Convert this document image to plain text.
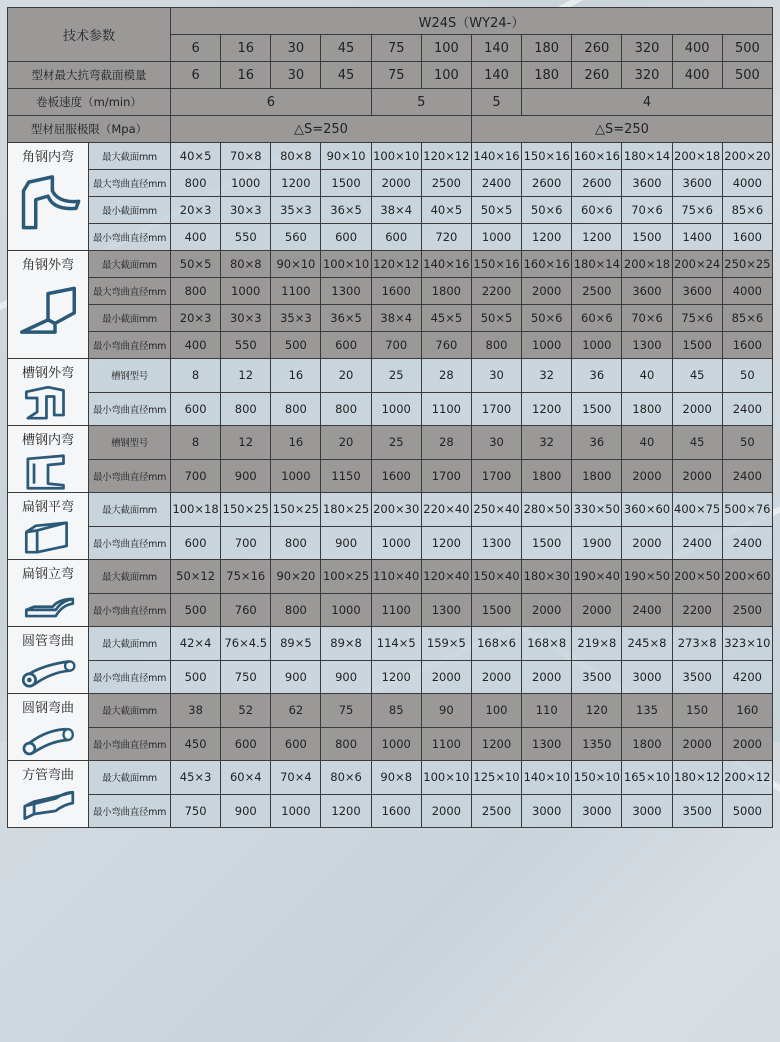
技术参数		W24S（WY24-）											
		6	16	30	45	75	100	140	180	260	320	400	500
型材最大抗弯截面模量		6	16	30	45	75	100	140	180	260	320	400	500
卷板速度（m/min）		6				5		5	4				
型材屈服极限（Mpa）		△S=250						△S=250					

角钢内弯	最大截面mm	40×5	70×8	80×8	90×10	100×10	120×12	140×16	150×16	160×16	180×14	200×18	200×20
	最大弯曲直径mm	800	1000	1200	1500	2000	2500	2400	2600	2600	3600	3600	4000
	最小截面mm	20×3	30×3	35×3	36×5	38×4	40×5	50×5	50×6	60×6	70×6	75×6	85×6
	最小弯曲直径mm	400	550	560	600	600	720	1000	1200	1200	1500	1400	1600

角钢外弯	最大截面mm	50×5	80×8	90×10	100×10	120×12	140×16	150×16	160×16	180×14	200×18	200×24	250×25
	最大弯曲直径mm	800	1000	1100	1300	1600	1800	2200	2000	2500	3600	3600	4000
	最小截面mm	20×3	30×3	35×3	36×5	38×4	45×5	50×5	50×6	60×6	70×6	75×6	85×6
	最小弯曲直径mm	400	550	500	600	700	760	800	1000	1000	1300	1500	1600

槽钢外弯	槽钢型号	8	12	16	20	25	28	30	32	36	40	45	50
	最小弯曲直径mm	600	800	800	800	1000	1100	1700	1200	1500	1800	2000	2400

槽钢内弯	槽钢型号	8	12	16	20	25	28	30	32	36	40	45	50
	最小弯曲直径mm	700	900	1000	1150	1600	1700	1700	1800	1800	2000	2000	2400

扁钢平弯	最大截面mm	100×18	150×25	150×25	180×25	200×30	220×40	250×40	280×50	330×50	360×60	400×75	500×76
	最小弯曲直径mm	600	700	800	900	1000	1200	1300	1500	1900	2000	2400	2400

扁钢立弯	最大截面mm	50×12	75×16	90×20	100×25	110×40	120×40	150×40	180×30	190×40	190×50	200×50	200×60
	最小弯曲直径mm	500	760	800	1000	1100	1300	1500	2000	2000	2400	2200	2500

圆管弯曲	最大截面mm	42×4	76×4.5	89×5	89×8	114×5	159×5	168×6	168×8	219×8	245×8	273×8	323×10
	最小弯曲直径mm	500	750	900	900	1200	2000	2000	2000	3500	3000	3500	4200

圆钢弯曲	最大截面mm	38	52	62	75	85	90	100	110	120	135	150	160
	最小弯曲直径mm	450	600	600	800	1000	1100	1200	1300	1350	1800	2000	2000

方管弯曲	最大截面mm	45×3	60×4	70×4	80×6	90×8	100×10	125×10	140×10	150×10	165×10	180×12	200×12
	最小弯曲直径mm	750	900	1000	1200	1600	2000	2500	3000	3000	3000	3500	5000
